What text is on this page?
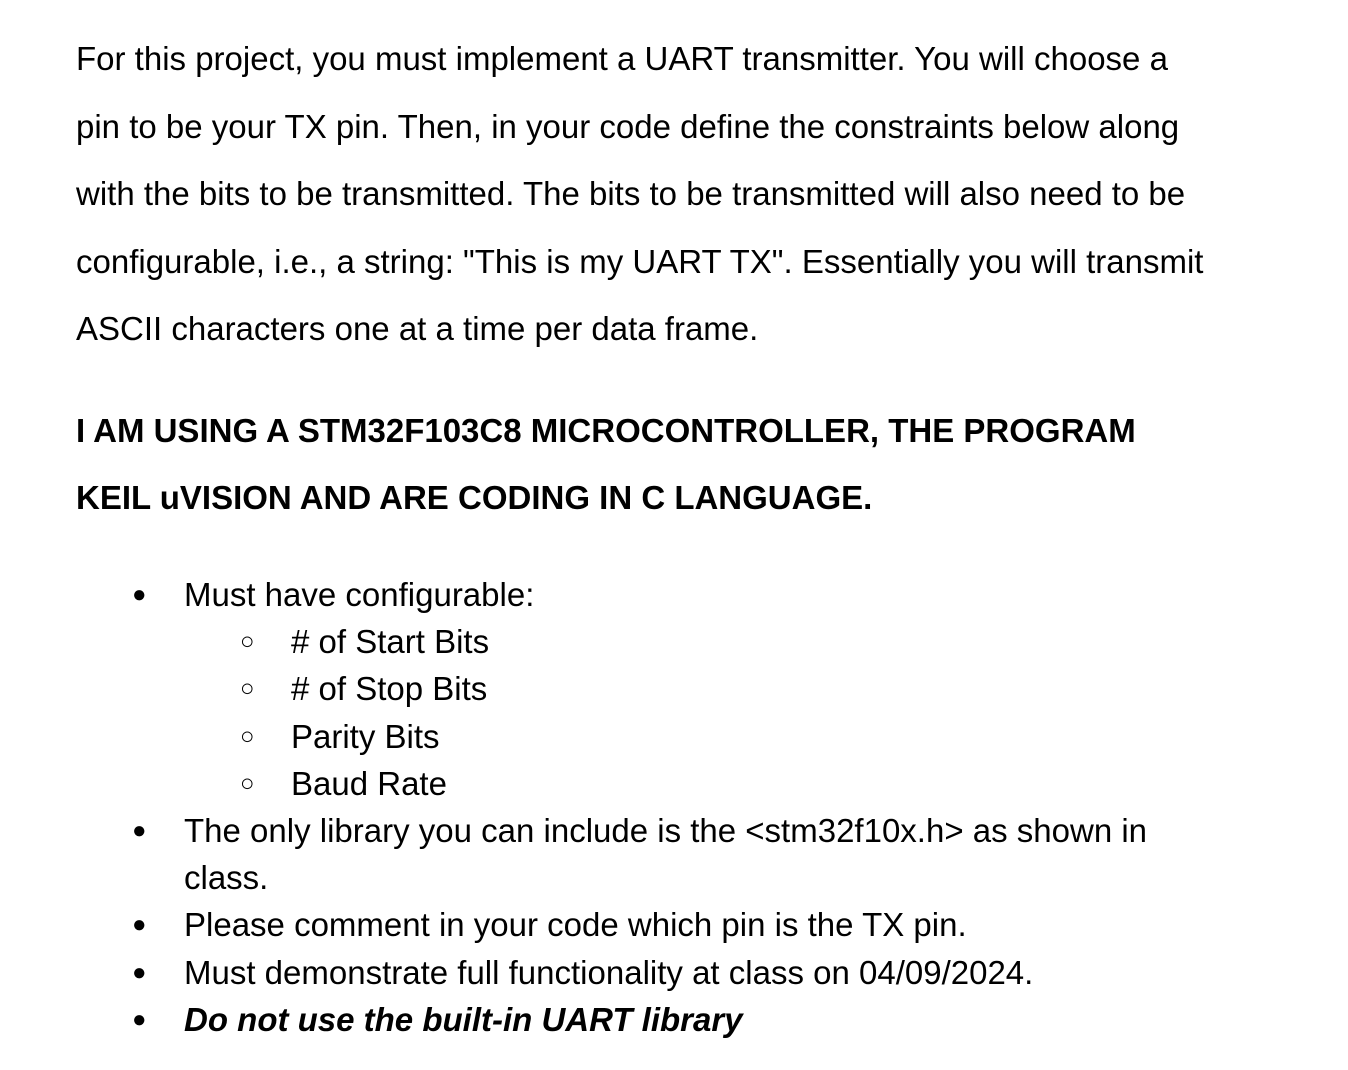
For this project, you must implement a UART transmitter. You will choose a
pin to be your TX pin. Then, in your code define the constraints below along
with the bits to be transmitted. The bits to be transmitted will also need to be
configurable, i.e., a string: "This is my UART TX". Essentially you will transmit
ASCII characters one at a time per data frame.

I AM USING A STM32F103C8 MICROCONTROLLER, THE PROGRAM
KEIL uVISION AND ARE CODING IN C LANGUAGE.

● Must have configurable:
○ # of Start Bits
○ # of Stop Bits
○ Parity Bits
○ Baud Rate
● The only library you can include is the <stm32f10x.h> as shown in
class.
● Please comment in your code which pin is the TX pin.
● Must demonstrate full functionality at class on 04/09/2024.
● Do not use the built-in UART library
